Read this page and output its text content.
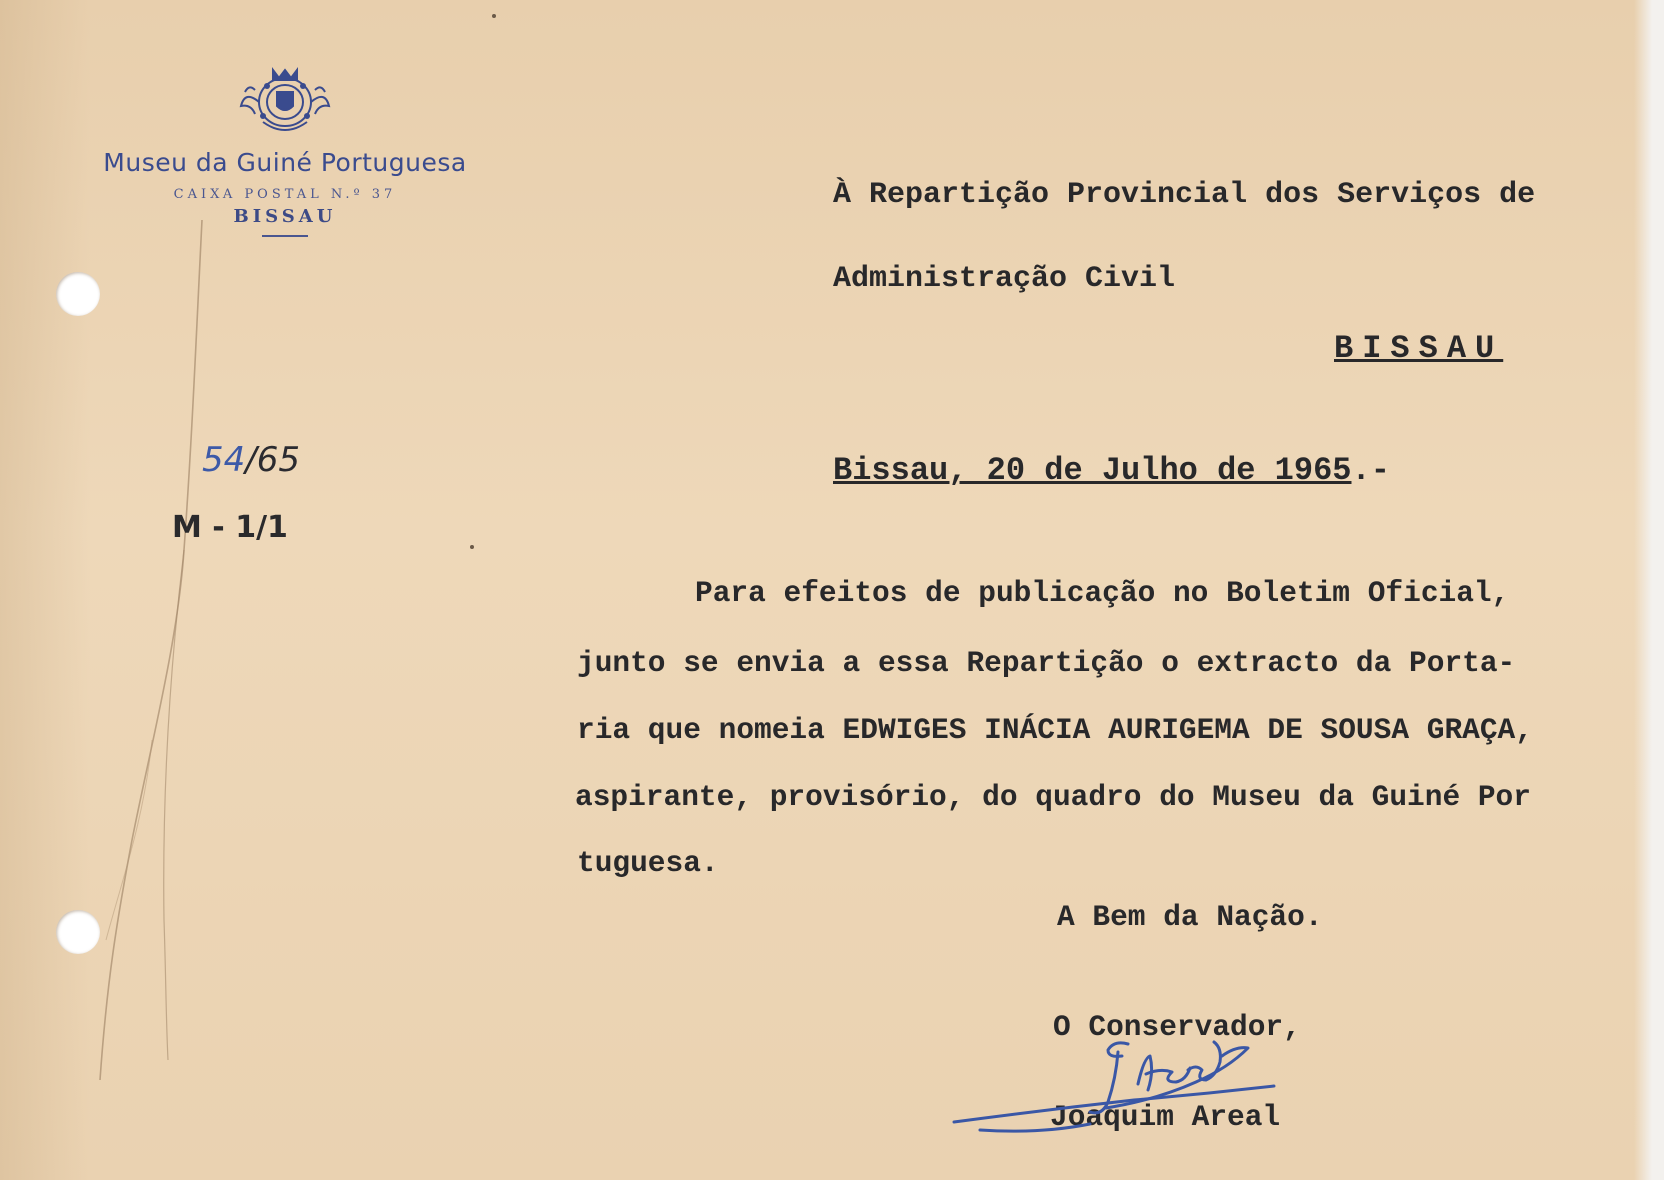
Museu da Guiné Portuguesa
CAIXA POSTAL N.º 37
BISSAU
54/65
M - 1/1
À Repartição Provincial dos Serviços de
Administração Civil
BISSAU
Bissau, 20 de Julho de 1965.-
Para efeitos de publicação no Boletim Oficial,
junto se envia a essa Repartição o extracto da Porta-
ria que nomeia EDWIGES INÁCIA AURIGEMA DE SOUSA GRAÇA,
aspirante, provisório, do quadro do Museu da Guiné Por
tuguesa.
A Bem da Nação.
O Conservador,
Joaquim Areal
